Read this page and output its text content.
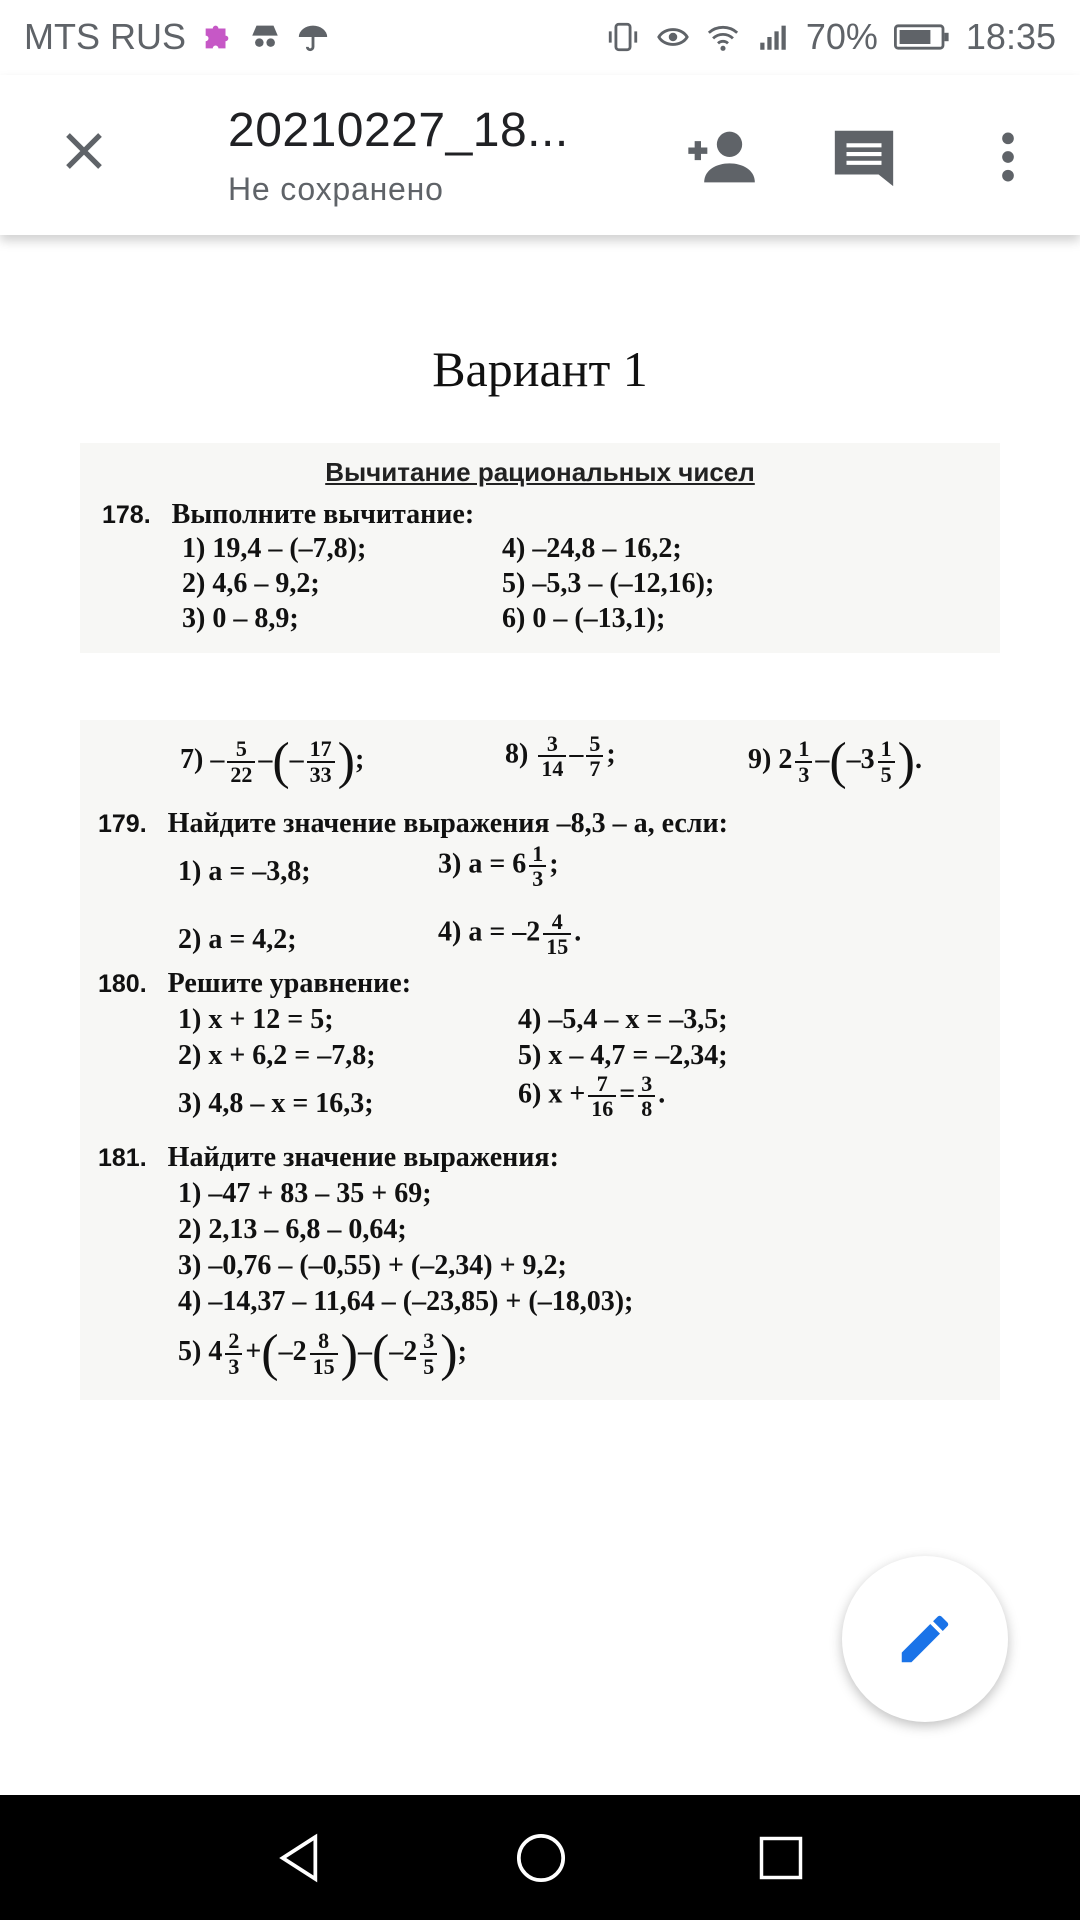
MTS RUS	70% 18:35
20210227_18...
Не сохранено
Вариант 1
Вычитание рациональных чисел
178. Выполните вычитание:
1) 19,4 – (–7,8);
2) 4,6 – 9,2;
3) 0 – 8,9;
4) –24,8 – 16,2;
5) –5,3 – (–12,16);
6) 0 – (–13,1);
$7) - \frac{5}{22}$ –(– $\frac{17}{33}$ );	$8) \frac{3}{14} - \frac{5}{7}$ ;	9) $2 \frac{1}{3} -(-3 \frac{1}{5}$ ).
179. Найдите значение выражения –8,3 – a, если:
1) a = –3,8;	3) $a = 6 \frac{1}{3}$ ;
2) a = 4,2;	4) $a = -2 \frac{4}{15}$ .
180. Решите уравнение:
1) x + 12 = 5;
2) x + 6,2 = –7,8;
3) 4,8 – x = 16,3;
4) –5,4 – x = –3,5;
5) x – 4,7 = –2,34;
6) $x + \frac{7}{16} = \frac{3}{8}$ .
181. Найдите значение выражения:
1) –47 + 83 – 35 + 69;
2) 2,13 – 6,8 – 0,64;
3) –0,76 – (–0,55) + (–2,34) + 9,2;
4) –14,37 – 11,64 – (–23,85) + (–18,03);
5) $4 \frac{2}{3} +(-2 \frac{8}{15} )-(-2 \frac{3}{5}$ );
